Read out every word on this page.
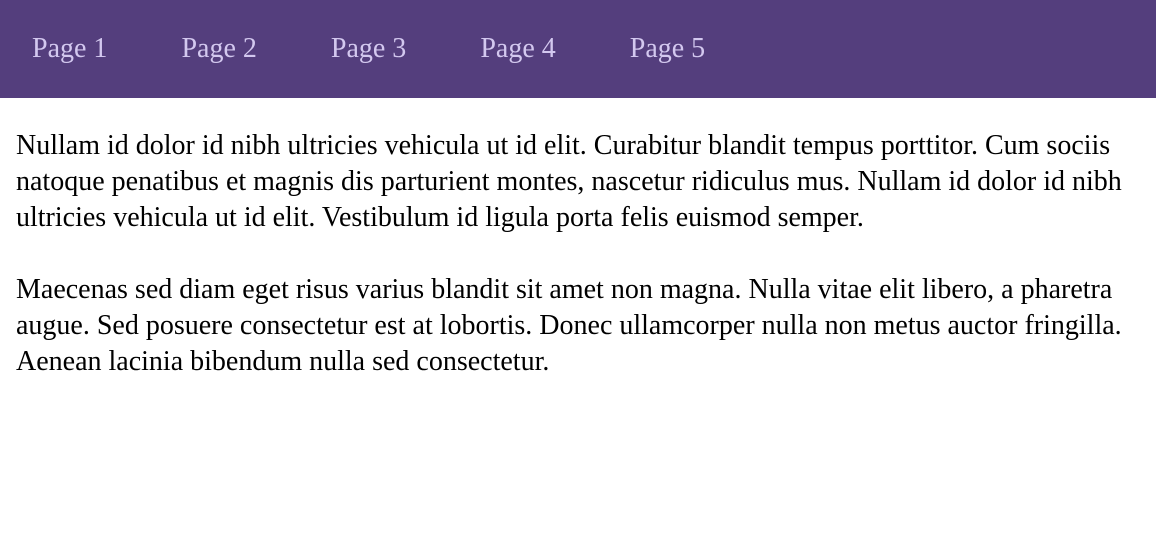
Page 1	Page 2	Page 3	Page 4	Page 5

Nullam id dolor id nibh ultricies vehicula ut id elit. Curabitur blandit tempus porttitor. Cum sociis natoque penatibus et magnis dis parturient montes, nascetur ridiculus mus. Nullam id dolor id nibh ultricies vehicula ut id elit. Vestibulum id ligula porta felis euismod semper.

Maecenas sed diam eget risus varius blandit sit amet non magna. Nulla vitae elit libero, a pharetra augue. Sed posuere consectetur est at lobortis. Donec ullamcorper nulla non metus auctor fringilla. Aenean lacinia bibendum nulla sed consectetur.
